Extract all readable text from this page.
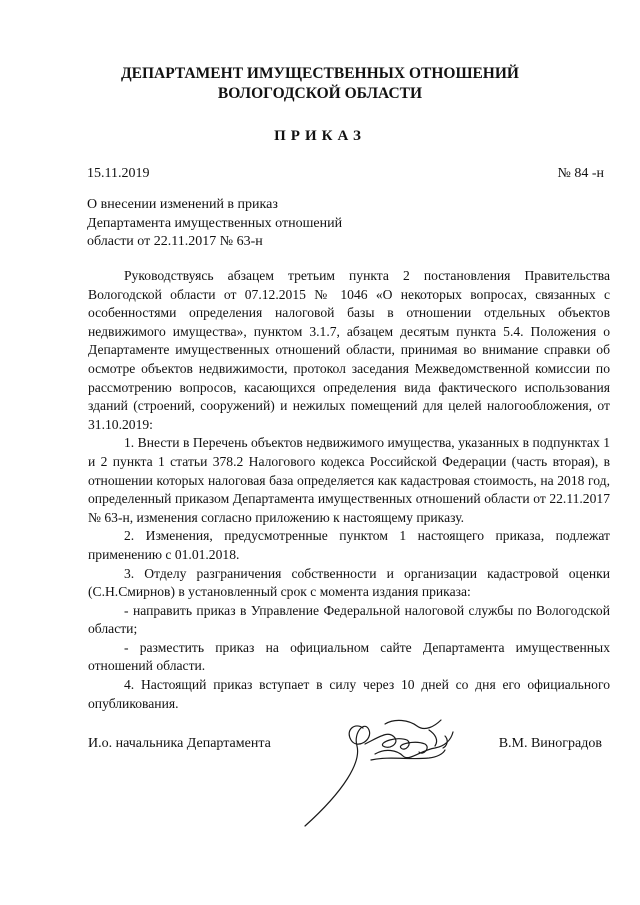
ДЕПАРТАМЕНТ ИМУЩЕСТВЕННЫХ ОТНОШЕНИЙ
ВОЛОГОДСКОЙ ОБЛАСТИ
ПРИКАЗ
15.11.2019	№ 84 -н
О внесении изменений в приказ
Департамента имущественных отношений
области от 22.11.2017 № 63-н

Руководствуясь абзацем третьим пункта 2 постановления Правительства Вологодской области от 07.12.2015 № 1046 «О некоторых вопросах, связанных с особенностями определения налоговой базы в отношении отдельных объектов недвижимого имущества», пунктом 3.1.7, абзацем десятым пункта 5.4. Положения о Департаменте имущественных отношений области, принимая во внимание справки об осмотре объектов недвижимости, протокол заседания Межведомственной комиссии по рассмотрению вопросов, касающихся определения вида фактического использования зданий (строений, сооружений) и нежилых помещений для целей налогообложения, от 31.10.2019:

1. Внести в Перечень объектов недвижимого имущества, указанных в подпунктах 1 и 2 пункта 1 статьи 378.2 Налогового кодекса Российской Федерации (часть вторая), в отношении которых налоговая база определяется как кадастровая стоимость, на 2018 год, определенный приказом Департамента имущественных отношений области от 22.11.2017 № 63-н, изменения согласно приложению к настоящему приказу.

2. Изменения, предусмотренные пунктом 1 настоящего приказа, подлежат применению с 01.01.2018.

3. Отделу разграничения собственности и организации кадастровой оценки (С.Н.Смирнов) в установленный срок с момента издания приказа:

- направить приказ в Управление Федеральной налоговой службы по Вологодской области;

- разместить приказ на официальном сайте Департамента имущественных отношений области.

4. Настоящий приказ вступает в силу через 10 дней со дня его официального опубликования.

И.о. начальника Департамента	В.М. Виноградов
